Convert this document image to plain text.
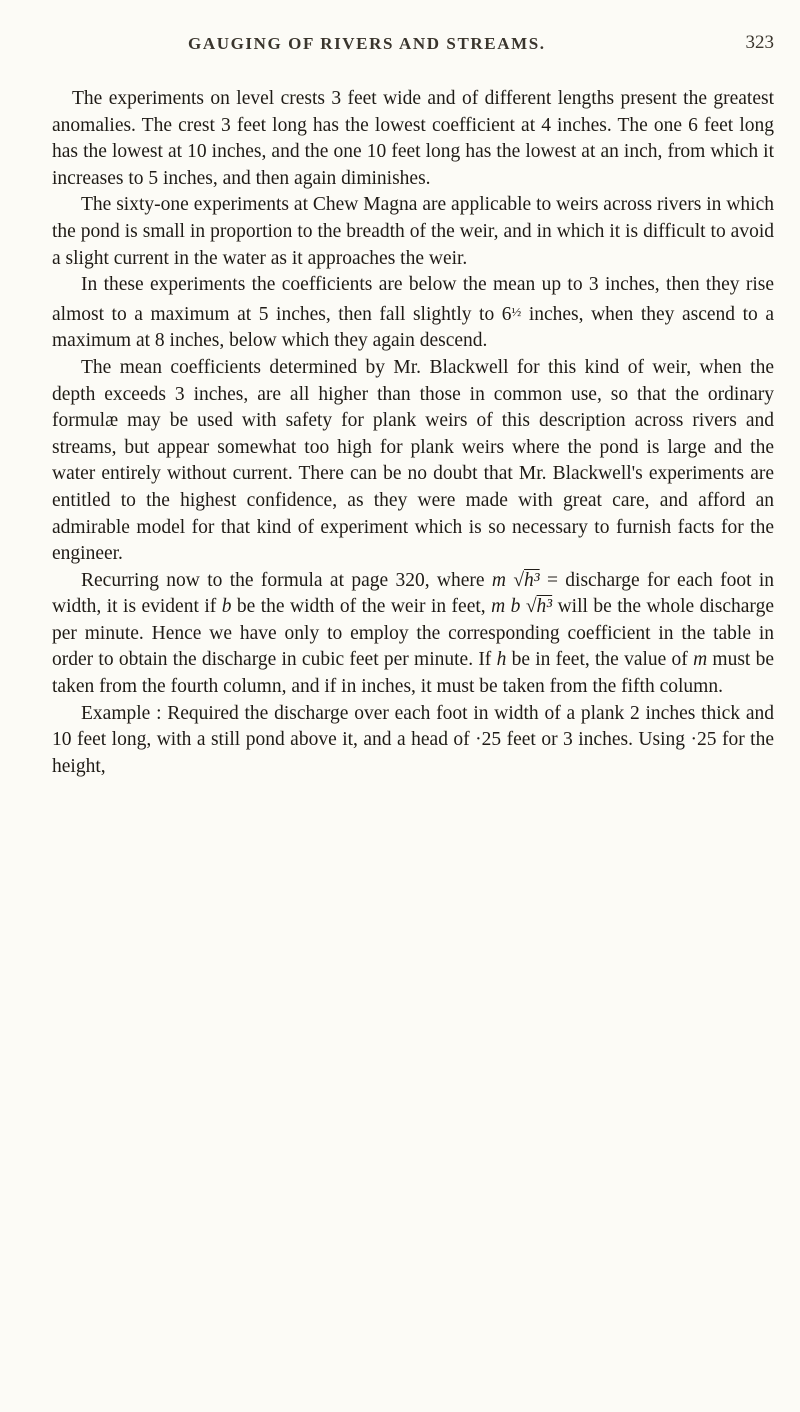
GAUGING OF RIVERS AND STREAMS.	323

The experiments on level crests 3 feet wide and of different lengths present the greatest anomalies. The crest 3 feet long has the lowest coefficient at 4 inches. The one 6 feet long has the lowest at 10 inches, and the one 10 feet long has the lowest at an inch, from which it increases to 5 inches, and then again diminishes.

The sixty-one experiments at Chew Magna are applicable to weirs across rivers in which the pond is small in proportion to the breadth of the weir, and in which it is difficult to avoid a slight current in the water as it approaches the weir.

In these experiments the coefficients are below the mean up to 3 inches, then they rise almost to a maximum at 5 inches, then fall slightly to $6^{\frac{1}{2}}$ inches, when they ascend to a maximum at 8 inches, below which they again descend.

The mean coefficients determined by Mr. Blackwell for this kind of weir, when the depth exceeds 3 inches, are all higher than those in common use, so that the ordinary formulæ may be used with safety for plank weirs of this description across rivers and streams, but appear somewhat too high for plank weirs where the pond is large and the water entirely without current. There can be no doubt that Mr. Blackwell's experiments are entitled to the highest confidence, as they were made with great care, and afford an admirable model for that kind of experiment which is so necessary to furnish facts for the engineer.

Recurring now to the formula at page 320, where m √h³ = discharge for each foot in width, it is evident if b be the width of the weir in feet, m b √h³ will be the whole discharge per minute. Hence we have only to employ the corresponding coefficient in the table in order to obtain the discharge in cubic feet per minute. If h be in feet, the value of m must be taken from the fourth column, and if in inches, it must be taken from the fifth column.

Example : Required the discharge over each foot in width of a plank 2 inches thick and 10 feet long, with a still pond above it, and a head of ·25 feet or 3 inches. Using ·25 for the height,
